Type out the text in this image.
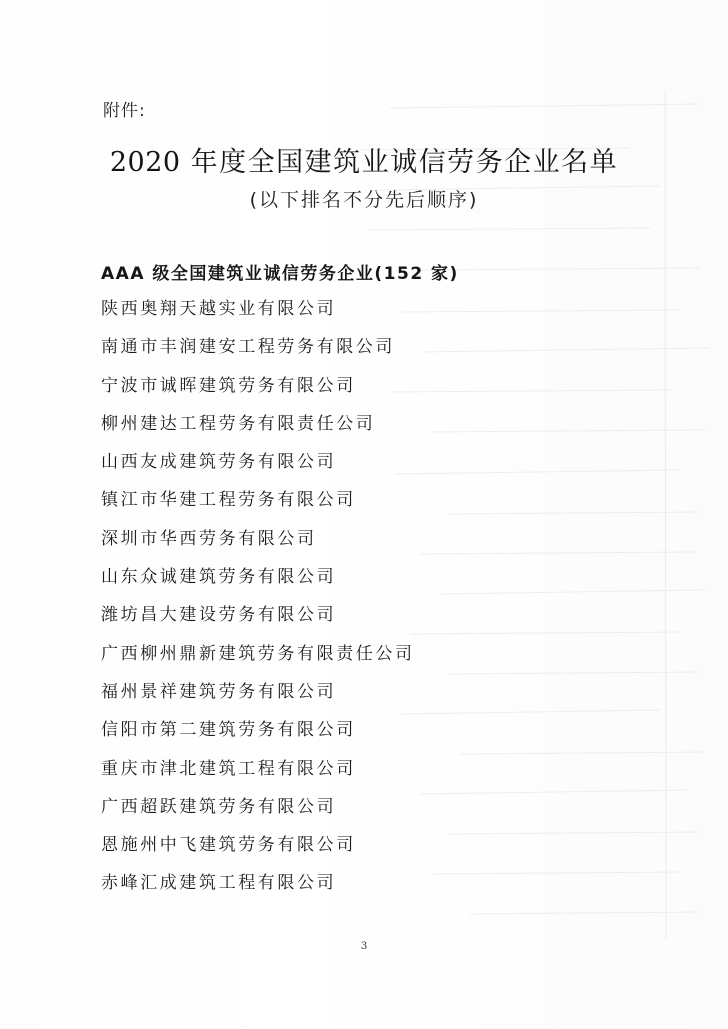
附件:
2020 年度全国建筑业诚信劳务企业名单
(以下排名不分先后顺序)
AAA 级全国建筑业诚信劳务企业(152 家)
陕西奥翔天越实业有限公司
南通市丰润建安工程劳务有限公司
宁波市诚晖建筑劳务有限公司
柳州建达工程劳务有限责任公司
山西友成建筑劳务有限公司
镇江市华建工程劳务有限公司
深圳市华西劳务有限公司
山东众诚建筑劳务有限公司
潍坊昌大建设劳务有限公司
广西柳州鼎新建筑劳务有限责任公司
福州景祥建筑劳务有限公司
信阳市第二建筑劳务有限公司
重庆市津北建筑工程有限公司
广西超跃建筑劳务有限公司
恩施州中飞建筑劳务有限公司
赤峰汇成建筑工程有限公司
3
